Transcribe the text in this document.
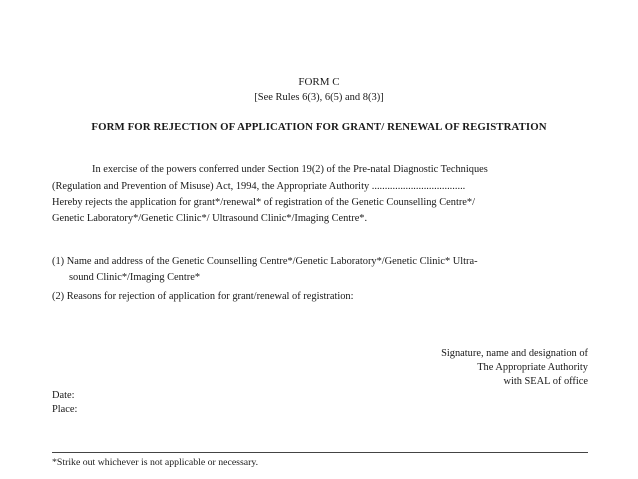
FORM C
[See Rules 6(3), 6(5) and 8(3)]
FORM FOR REJECTION OF APPLICATION FOR GRANT/ RENEWAL OF REGISTRATION
In exercise of the powers conferred under Section 19(2) of the Pre-natal Diagnostic Techniques
(Regulation and Prevention of Misuse) Act, 1994, the Appropriate Authority ....................................
Hereby rejects the application for grant*/renewal* of registration of the Genetic Counselling Centre*/
Genetic Laboratory*/Genetic Clinic*/ Ultrasound Clinic*/Imaging Centre*.
(1) Name and address of the Genetic Counselling Centre*/Genetic Laboratory*/Genetic Clinic* Ultra-
sound Clinic*/Imaging Centre*
(2) Reasons for rejection of application for grant/renewal of registration:
Signature, name and designation of
The Appropriate Authority
with SEAL of office
Date:
Place:
*Strike out whichever is not applicable or necessary.
